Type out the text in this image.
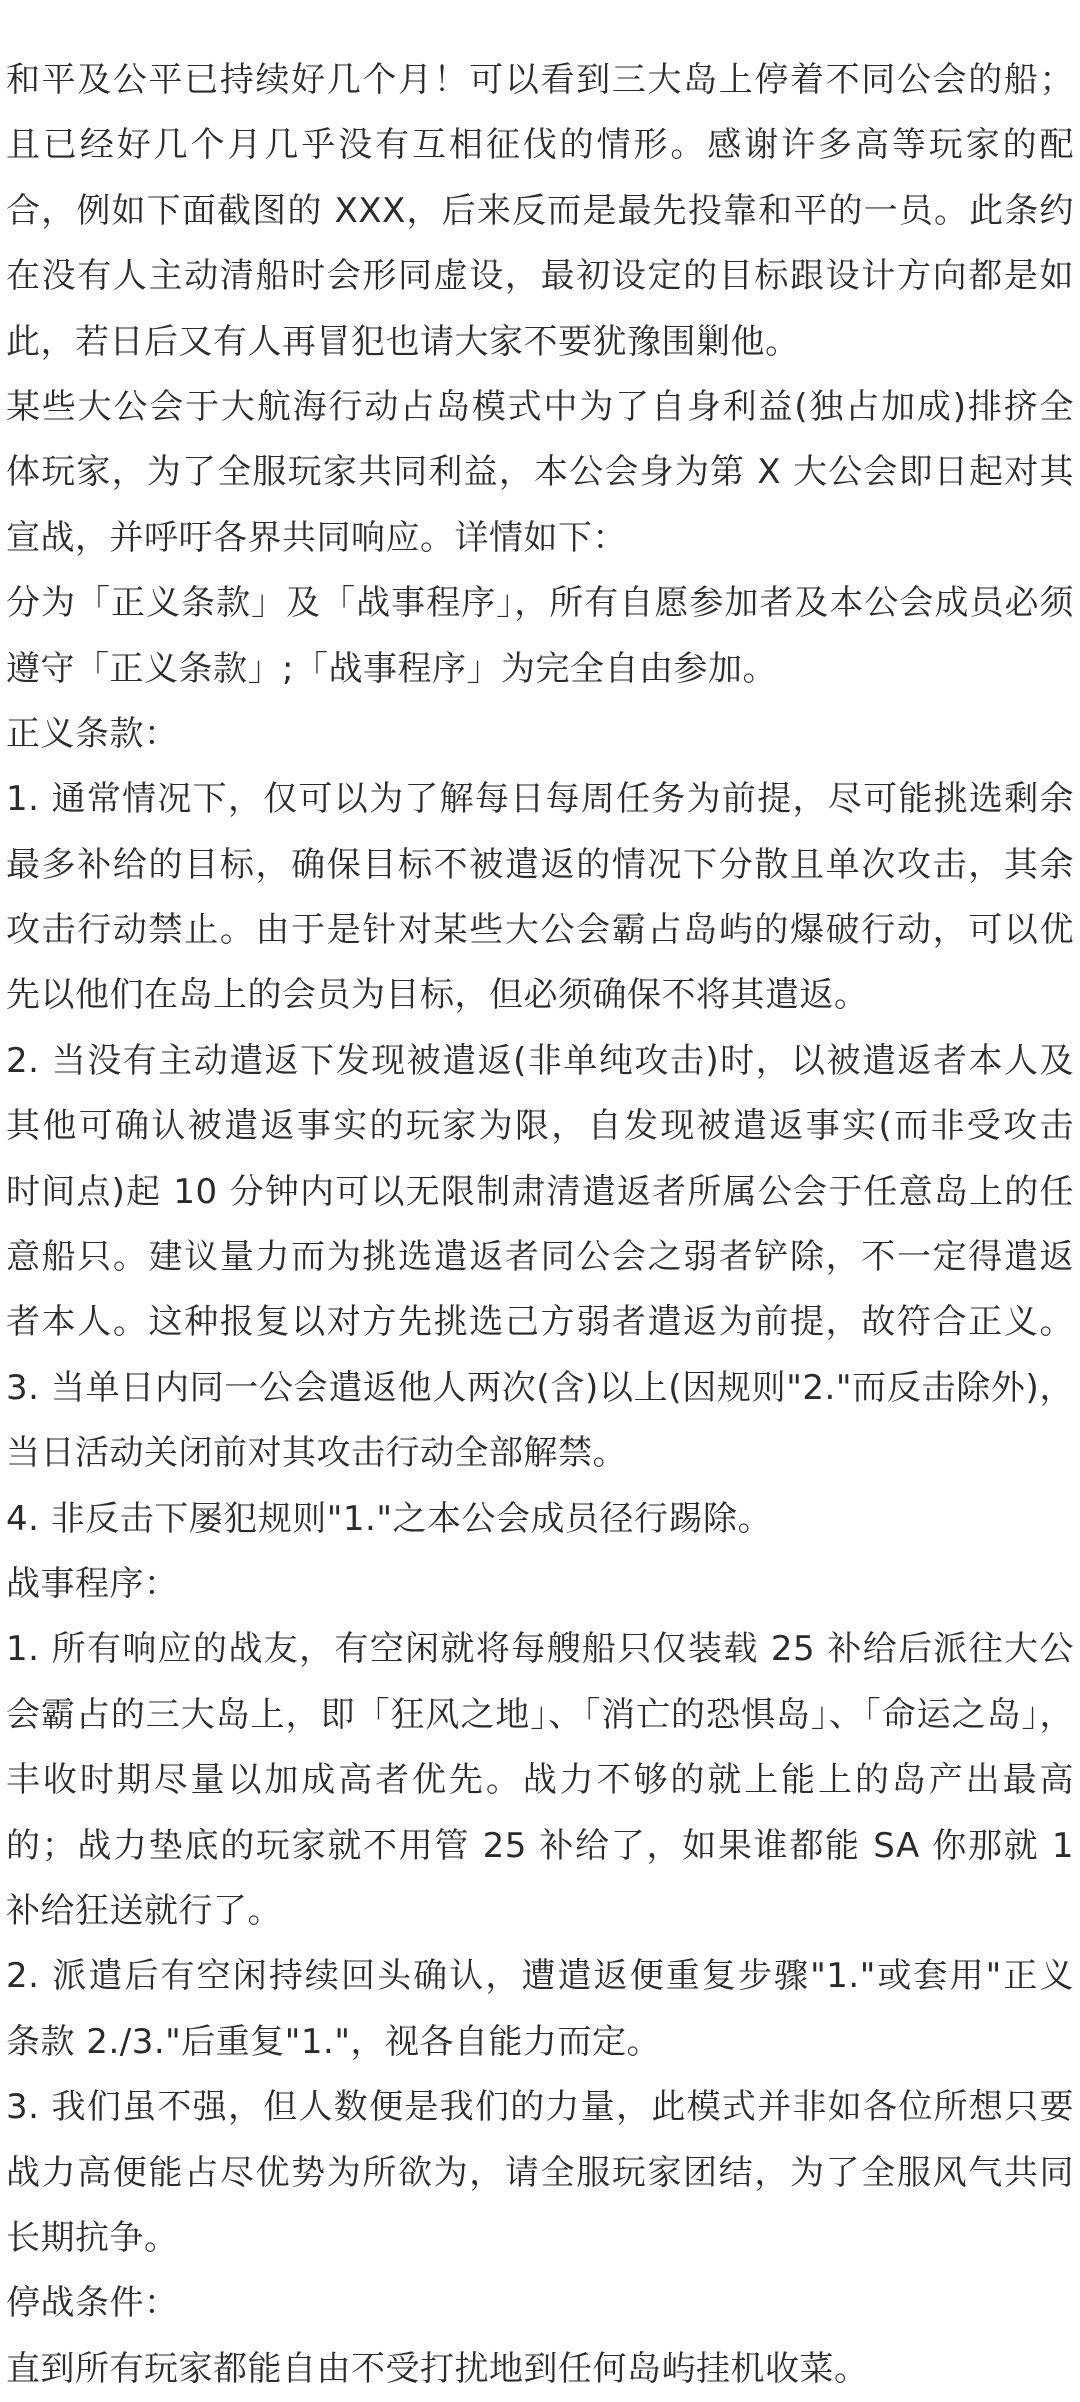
和平及公平已持续好几个月！可以看到三大岛上停着不同公会的船；
且已经好几个月几乎没有互相征伐的情形。感谢许多高等玩家的配
合，例如下面截图的 XXX，后来反而是最先投靠和平的一员。此条约
在没有人主动清船时会形同虚设，最初设定的目标跟设计方向都是如
此，若日后又有人再冒犯也请大家不要犹豫围剿他。
某些大公会于大航海行动占岛模式中为了自身利益(独占加成)排挤全
体玩家，为了全服玩家共同利益，本公会身为第 X 大公会即日起对其
宣战，并呼吁各界共同响应。详情如下：
分为「正义条款」及「战事程序」，所有自愿参加者及本公会成员必须
遵守「正义条款」;「战事程序」为完全自由参加。
正义条款：
1. 通常情况下，仅可以为了解每日每周任务为前提，尽可能挑选剩余
最多补给的目标，确保目标不被遣返的情况下分散且单次攻击，其余
攻击行动禁止。由于是针对某些大公会霸占岛屿的爆破行动，可以优
先以他们在岛上的会员为目标，但必须确保不将其遣返。
2. 当没有主动遣返下发现被遣返(非单纯攻击)时，以被遣返者本人及
其他可确认被遣返事实的玩家为限，自发现被遣返事实(而非受攻击
时间点)起 10 分钟内可以无限制肃清遣返者所属公会于任意岛上的任
意船只。建议量力而为挑选遣返者同公会之弱者铲除，不一定得遣返
者本人。这种报复以对方先挑选己方弱者遣返为前提，故符合正义。
3. 当单日内同一公会遣返他人两次(含)以上(因规则"2."而反击除外)，
当日活动关闭前对其攻击行动全部解禁。
4. 非反击下屡犯规则"1."之本公会成员径行踢除。
战事程序：
1. 所有响应的战友，有空闲就将每艘船只仅装载 25 补给后派往大公
会霸占的三大岛上，即「狂风之地」、「消亡的恐惧岛」、「命运之岛」，
丰收时期尽量以加成高者优先。战力不够的就上能上的岛产出最高
的；战力垫底的玩家就不用管 25 补给了，如果谁都能 SA 你那就 1
补给狂送就行了。
2. 派遣后有空闲持续回头确认，遭遣返便重复步骤"1."或套用"正义
条款 2./3."后重复"1."，视各自能力而定。
3. 我们虽不强，但人数便是我们的力量，此模式并非如各位所想只要
战力高便能占尽优势为所欲为，请全服玩家团结，为了全服风气共同
长期抗争。
停战条件：
直到所有玩家都能自由不受打扰地到任何岛屿挂机收菜。
